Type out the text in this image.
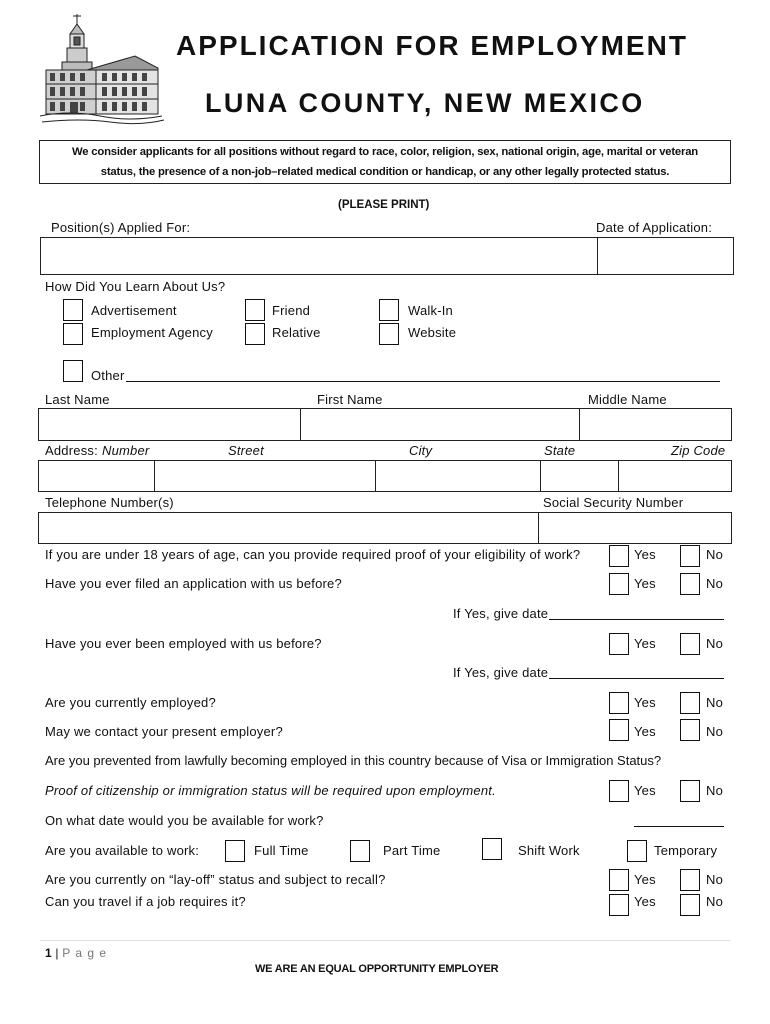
APPLICATION FOR EMPLOYMENT
LUNA COUNTY, NEW MEXICO
We consider applicants for all positions without regard to race, color, religion, sex, national origin, age, marital or veteran
status, the presence of a non-job–related medical condition or handicap, or any other legally protected status.
(PLEASE PRINT)
Position(s) Applied For:	Date of Application:
How Did You Learn About Us?
Advertisement	Friend	Walk-In
Employment Agency	Relative	Website
Other
Last Name	First Name	Middle Name
Address: Number	Street	City	State	Zip Code
Telephone Number(s)	Social Security Number
If you are under 18 years of age, can you provide required proof of your eligibility of work?	Yes	No
Have you ever filed an application with us before?	Yes	No
If Yes, give date
Have you ever been employed with us before?	Yes	No
If Yes, give date
Are you currently employed?	Yes	No
May we contact your present employer?	Yes	No
Are you prevented from lawfully becoming employed in this country because of Visa or Immigration Status?
Proof of citizenship or immigration status will be required upon employment.	Yes	No
On what date would you be available for work?
Are you available to work:	Full Time	Part Time	Shift Work	Temporary
Are you currently on “lay-off” status and subject to recall?	Yes	No
Can you travel if a job requires it?	Yes	No
1 | P a g e
WE ARE AN EQUAL OPPORTUNITY EMPLOYER
